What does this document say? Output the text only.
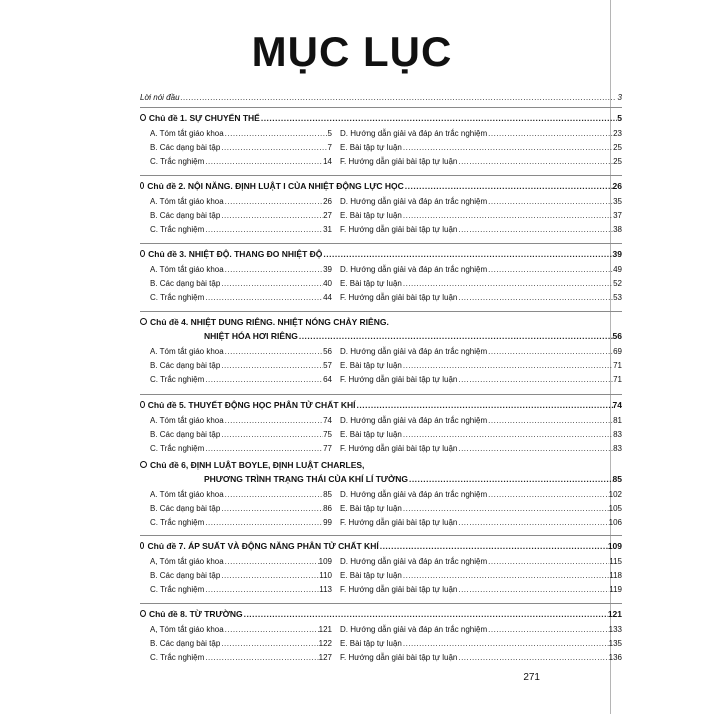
MỤC LỤC
Lời nói đầu .....	3
Chủ đề 1. SỰ CHUYỂN THỂ .....	5
A. Tóm tắt giáo khoa .....	5 D. Hướng dẫn giải và đáp án trắc nghiệm .....	23
B. Các dạng bài tập .....	7 E. Bài tập tự luận .....	25
C. Trắc nghiệm .....	14 F. Hướng dẫn giải bài tập tự luận .....	25
Chủ đề 2. NỘI NĂNG. ĐỊNH LUẬT I CỦA NHIỆT ĐỘNG LỰC HỌC .....	26
A. Tóm tắt giáo khoa .....	26 D. Hướng dẫn giải và đáp án trắc nghiệm .....	35
B. Các dạng bài tập .....	27 E. Bài tập tự luận .....	37
C. Trắc nghiệm .....	31 F. Hướng dẫn giải bài tập tự luận .....	38
Chủ đề 3. NHIỆT ĐỘ. THANG ĐO NHIỆT ĐỘ .....	39
A. Tóm tắt giáo khoa .....	39 D. Hướng dẫn giải và đáp án trắc nghiệm .....	49
B. Các dạng bài tập .....	40 E. Bài tập tự luận .....	52
C. Trắc nghiệm .....	44 F. Hướng dẫn giải bài tập tự luận .....	53
Chủ đề 4. NHIỆT DUNG RIÊNG. NHIỆT NÓNG CHẢY RIÊNG.
NHIỆT HÓA HƠI RIÊNG .....	56
A. Tóm tắt giáo khoa .....	56 D. Hướng dẫn giải và đáp án trắc nghiệm .....	69
B. Các dạng bài tập .....	57 E. Bài tập tự luận .....	71
C. Trắc nghiệm .....	64 F. Hướng dẫn giải bài tập tự luận .....	71
Chủ đề 5. THUYẾT ĐỘNG HỌC PHÂN TỬ CHẤT KHÍ .....	74
A. Tóm tắt giáo khoa .....	74 D. Hướng dẫn giải và đáp án trắc nghiệm .....	81
B. Các dạng bài tập .....	75 E. Bài tập tự luận .....	83
C. Trắc nghiệm .....	77 F. Hướng dẫn giải bài tập tự luận .....	83
Chủ đề 6, ĐỊNH LUẬT BOYLE, ĐỊNH LUẬT CHARLES,
PHƯƠNG TRÌNH TRẠNG THÁI CỦA KHÍ LÍ TƯỞNG .....	85
A. Tóm tắt giáo khoa .....	85 D. Hướng dẫn giải và đáp án trắc nghiệm .....	102
B. Các dạng bài tập .....	86 E. Bài tập tự luận .....	105
C. Trắc nghiệm .....	99 F. Hướng dẫn giải bài tập tự luận .....	106
Chủ đề 7. ÁP SUẤT VÀ ĐỘNG NĂNG PHÂN TỬ CHẤT KHÍ .....	109
A, Tóm tắt giáo khoa .....	109 D. Hướng dẫn giải và đáp án trắc nghiệm .....	115
B. Các dạng bài tập .....	110 E. Bài tập tự luận .....	118
C. Trắc nghiệm .....	113 F. Hướng dẫn giải bài tập tự luận .....	119
Chủ đề 8. TỪ TRƯỜNG .....	121
A, Tóm tắt giáo khoa .....	121 D. Hướng dẫn giải và đáp án trắc nghiệm .....	133
B. Các dạng bài tập .....	122 E. Bài tập tự luận .....	135
C. Trắc nghiệm .....	127 F. Hướng dẫn giải bài tập tự luận .....	136
271
